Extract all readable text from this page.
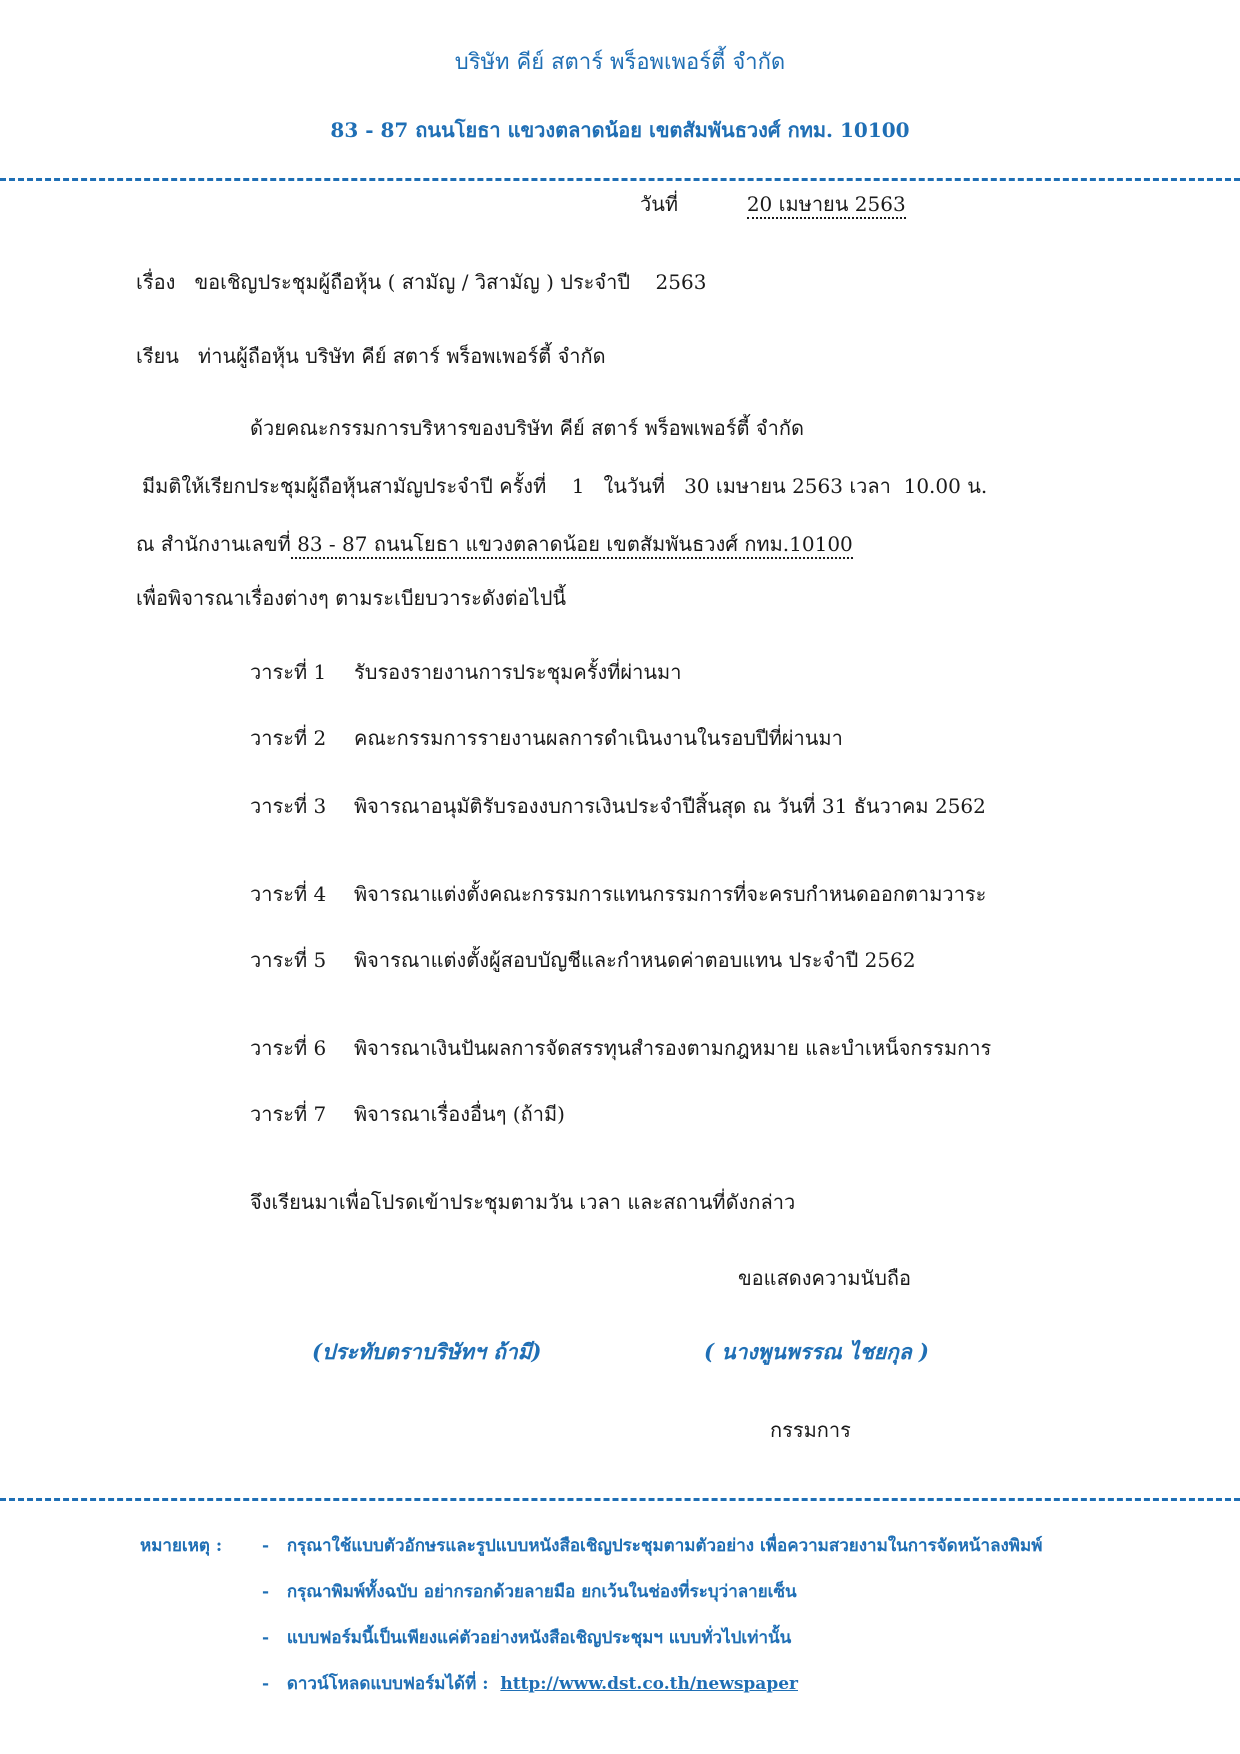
บริษัท คีย์ สตาร์ พร็อพเพอร์ตี้ จำกัด
83 - 87 ถนนโยธา แขวงตลาดน้อย เขตสัมพันธวงศ์ กทม. 10100
วันที่	20 เมษายน 2563
เรื่อง ขอเชิญประชุมผู้ถือหุ้น ( สามัญ / วิสามัญ ) ประจำปี 2563
เรียน ท่านผู้ถือหุ้น บริษัท คีย์ สตาร์ พร็อพเพอร์ตี้ จำกัด
ด้วยคณะกรรมการบริหารของบริษัท คีย์ สตาร์ พร็อพเพอร์ตี้ จำกัด
มีมติให้เรียกประชุมผู้ถือหุ้นสามัญประจำปี ครั้งที่    1   ในวันที่   30 เมษายน 2563 เวลา  10.00 น.
ณ สำนักงานเลขที่ 83 - 87 ถนนโยธา แขวงตลาดน้อย เขตสัมพันธวงศ์ กทม.10100
เพื่อพิจารณาเรื่องต่างๆ ตามระเบียบวาระดังต่อไปนี้
วาระที่ 1 รับรองรายงานการประชุมครั้งที่ผ่านมา
วาระที่ 2 คณะกรรมการรายงานผลการดำเนินงานในรอบปีที่ผ่านมา
วาระที่ 3 พิจารณาอนุมัติรับรองงบการเงินประจำปีสิ้นสุด ณ วันที่ 31 ธันวาคม 2562
วาระที่ 4 พิจารณาแต่งตั้งคณะกรรมการแทนกรรมการที่จะครบกำหนดออกตามวาระ
วาระที่ 5 พิจารณาแต่งตั้งผู้สอบบัญชีและกำหนดค่าตอบแทน ประจำปี 2562
วาระที่ 6 พิจารณาเงินปันผลการจัดสรรทุนสำรองตามกฎหมาย และบำเหน็จกรรมการ
วาระที่ 7 พิจารณาเรื่องอื่นๆ (ถ้ามี)
จึงเรียนมาเพื่อโปรดเข้าประชุมตามวัน เวลา และสถานที่ดังกล่าว
ขอแสดงความนับถือ
(ประทับตราบริษัทฯ ถ้ามี)	( นางพูนพรรณ ไชยกุล )
กรรมการ
หมายเหตุ : -   กรุณาใช้แบบตัวอักษรและรูปแบบหนังสือเชิญประชุมตามตัวอย่าง เพื่อความสวยงามในการจัดหน้าลงพิมพ์
-   กรุณาพิมพ์ทั้งฉบับ อย่ากรอกด้วยลายมือ ยกเว้นในช่องที่ระบุว่าลายเซ็น
-   แบบฟอร์มนี้เป็นเพียงแค่ตัวอย่างหนังสือเชิญประชุมฯ แบบทั่วไปเท่านั้น
-   ดาวน์โหลดแบบฟอร์มได้ที่ : http://www.dst.co.th/newspaper
